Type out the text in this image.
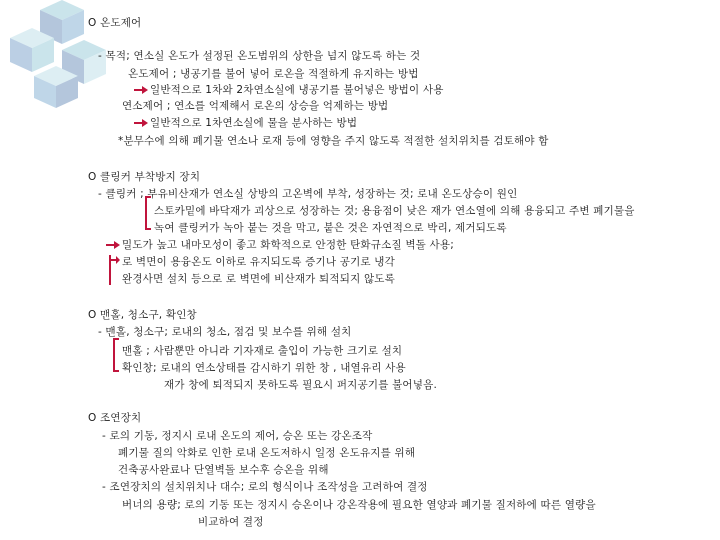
O 온도제어
- 목적; 연소실 온도가 설정된 온도범위의 상한을 넘지 않도록 하는 것
온도제어 ; 냉공기를 불어 넣어 로온을 적절하게 유지하는 방법
일반적으로 1차와 2차연소실에 냉공기를 불어넣은 방법이 사용
연소제어 ; 연소를 억제해서 로온의 상승을 억제하는 방법
일반적으로 1차연소실에 물을 분사하는 방법
*분무수에 의해 폐기물 연소나 로재 등에 영향을 주지 않도록 적절한 설치위치를 검토해야 함
O 클링커 부착방지 장치
- 클링커 ; 부유비산재가 연소실 상방의 고온벽에 부착, 성장하는 것; 로내 온도상승이 원인
스토카밑에 바닥재가 괴상으로 성장하는 것; 용융점이 낮은 재가 연소열에 의해 용융되고 주변 폐기물을
녹여 클링커가 녹아 붙는 것을 막고, 붙은 것은 자연적으로 박리, 제거되도록
밀도가 높고 내마모성이 좋고 화학적으로 안정한 탄화규소질 벽돌 사용;
로 벽면이 용융온도 이하로 유지되도록 증기나 공기로 냉각
완경사면 설치 등으로 로 벽면에 비산재가 퇴적되지 않도록
O 맨홀, 청소구, 확인창
- 맨홀, 청소구; 로내의 청소, 점검 및 보수를 위해 설치
맨홀 ; 사람뿐만 아니라 기자재로 출입이 가능한 크기로 설치
확인창; 로내의 연소상태를 감시하기 위한 창 , 내열유리 사용
재가 창에 퇴적되지 못하도록 필요시 퍼지공기를 불어넣음.
O 조연장치
- 로의 기동, 정지시 로내 온도의 제어, 승온 또는 강온조작
폐기물 질의 악화로 인한 로내 온도저하시 일정 온도유지를 위해
건축공사완료나 단열벽돌 보수후 승온을 위해
- 조연장치의 설치위치나 대수; 로의 형식이나 조작성을 고려하여 결정
버너의 용량; 로의 기동 또는 정지시 승온이나 강온작용에 필요한 열양과 폐기물 질저하에 따른 열량을
비교하여 결정
